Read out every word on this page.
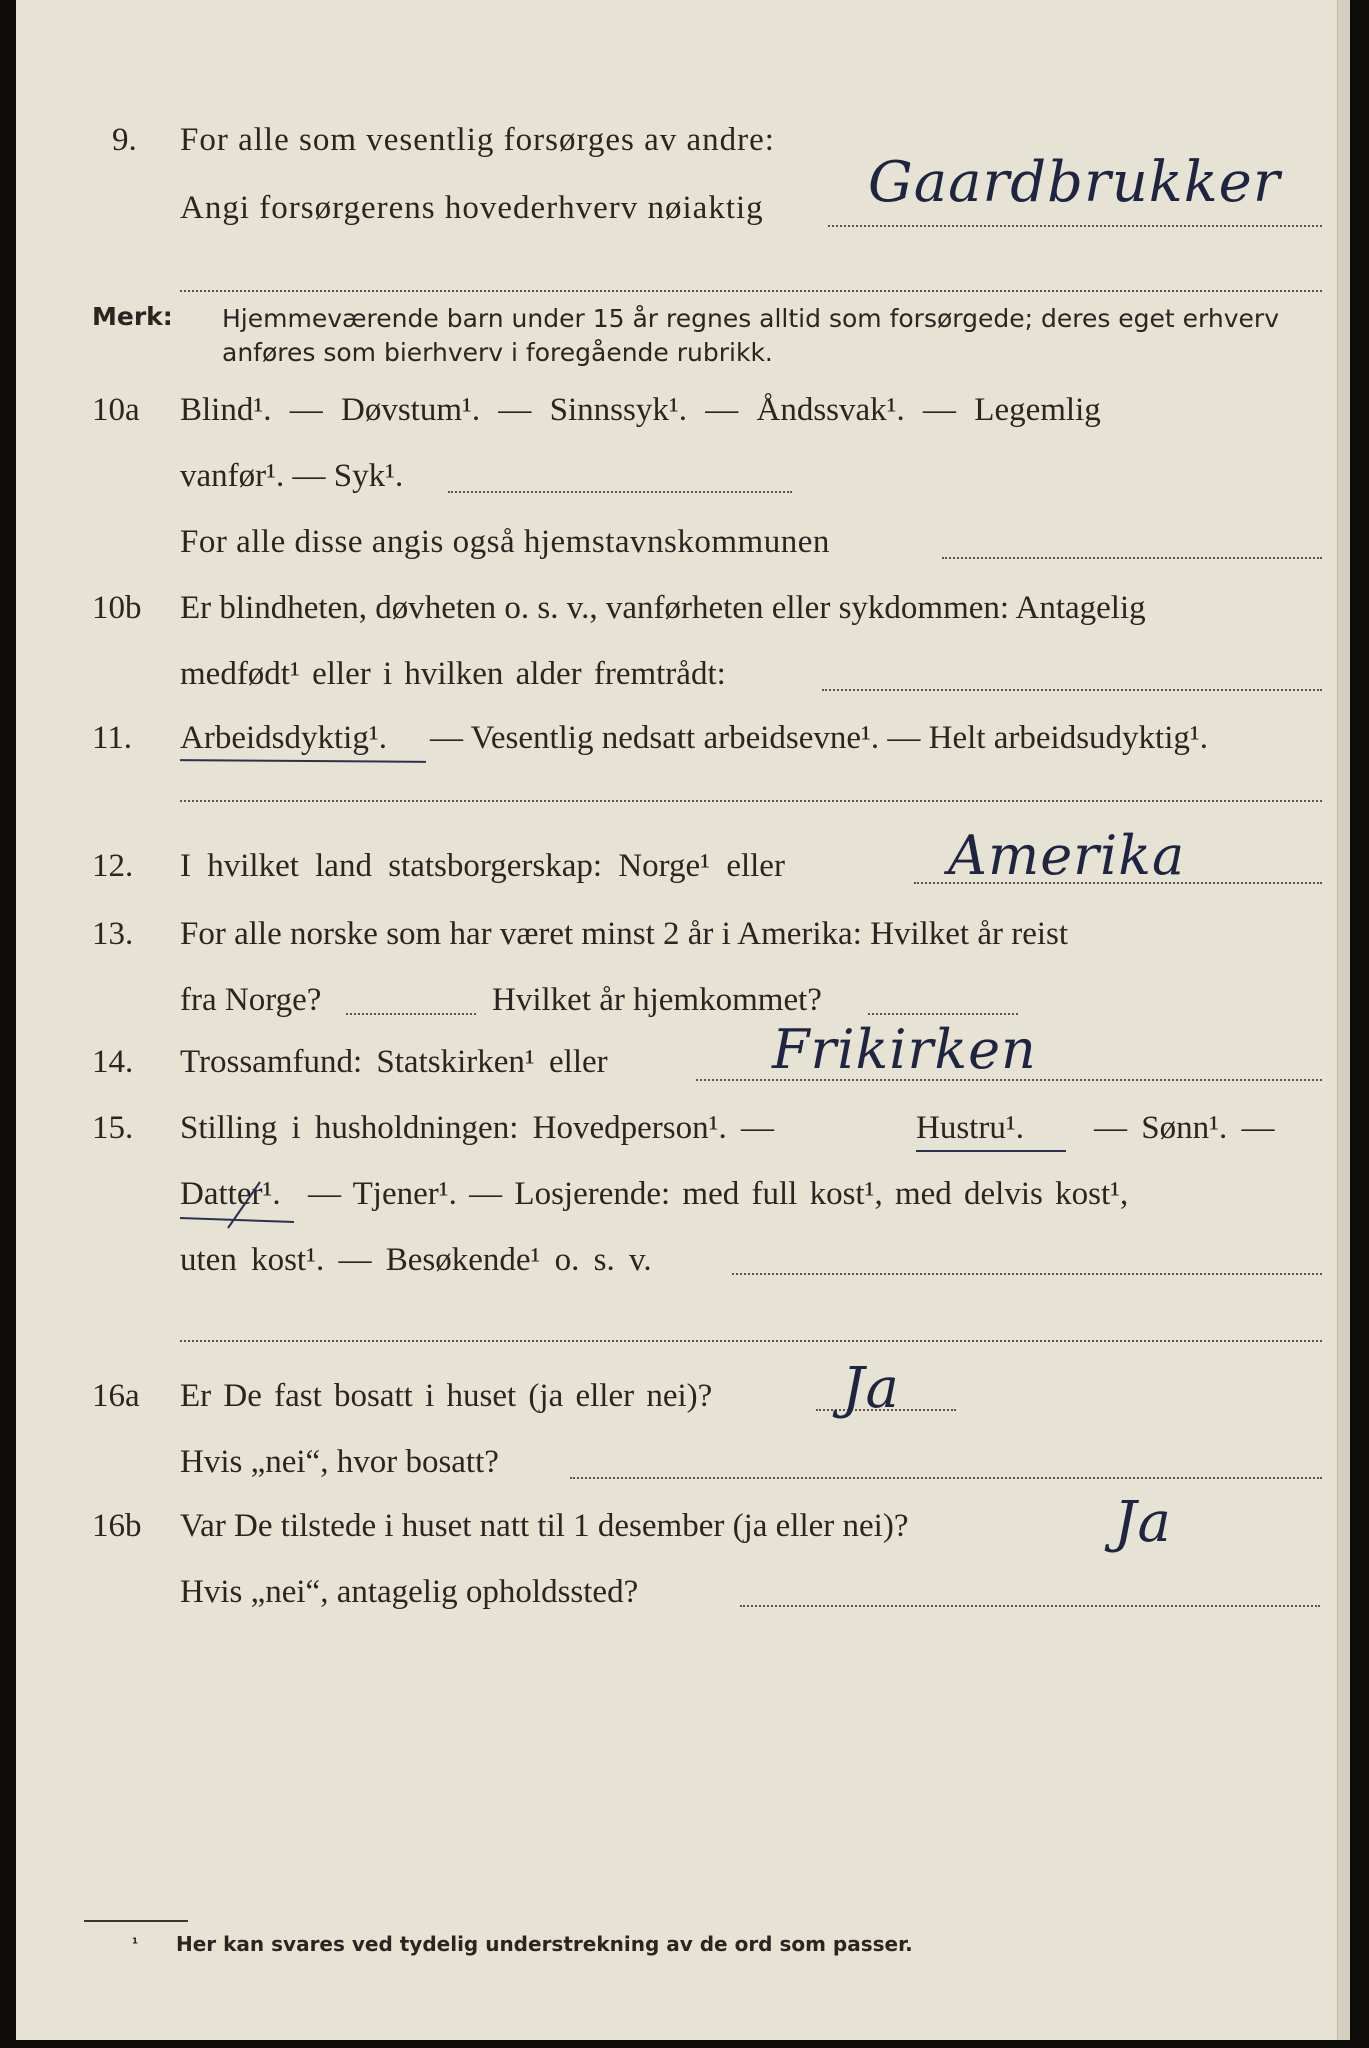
9. For alle som vesentlig forsørges av andre:
Angi forsørgerens hovederhverv nøiaktig Gaardbrukker
Merk: Hjemmeværende barn under 15 år regnes alltid som forsørgede; deres eget erhverv
anføres som bierhverv i foregående rubrikk.
10a Blind¹. — Døvstum¹. — Sinnssyk¹. — Åndssvak¹. — Legemlig
vanfør¹. — Syk¹.
For alle disse angis også hjemstavnskommunen
10b Er blindheten, døvheten o. s. v., vanførheten eller sykdommen: Antagelig
medfødt¹ eller i hvilken alder fremtrådt:
11. Arbeidsdyktig¹. — Vesentlig nedsatt arbeidsevne¹. — Helt arbeidsudyktig¹.
12. I hvilket land statsborgerskap: Norge¹ eller	Amerika
13. For alle norske som har været minst 2 år i Amerika: Hvilket år reist
fra Norge?	Hvilket år hjemkommet?
14. Trossamfund: Statskirken¹ eller	Frikirken
15. Stilling i husholdningen: Hovedperson¹. —	Hustru¹. — Sønn¹. —
Datter¹. — Tjener¹. — Losjerende: med full kost¹, med delvis kost¹,
uten kost¹. — Besøkende¹ o. s. v.
16a Er De fast bosatt i huset (ja eller nei)? Ja
Hvis „nei“, hvor bosatt?
16b Var De tilstede i huset natt til 1 desember (ja eller nei)?	Ja
Hvis „nei“, antagelig opholdssted?
¹ Her kan svares ved tydelig understrekning av de ord som passer.
